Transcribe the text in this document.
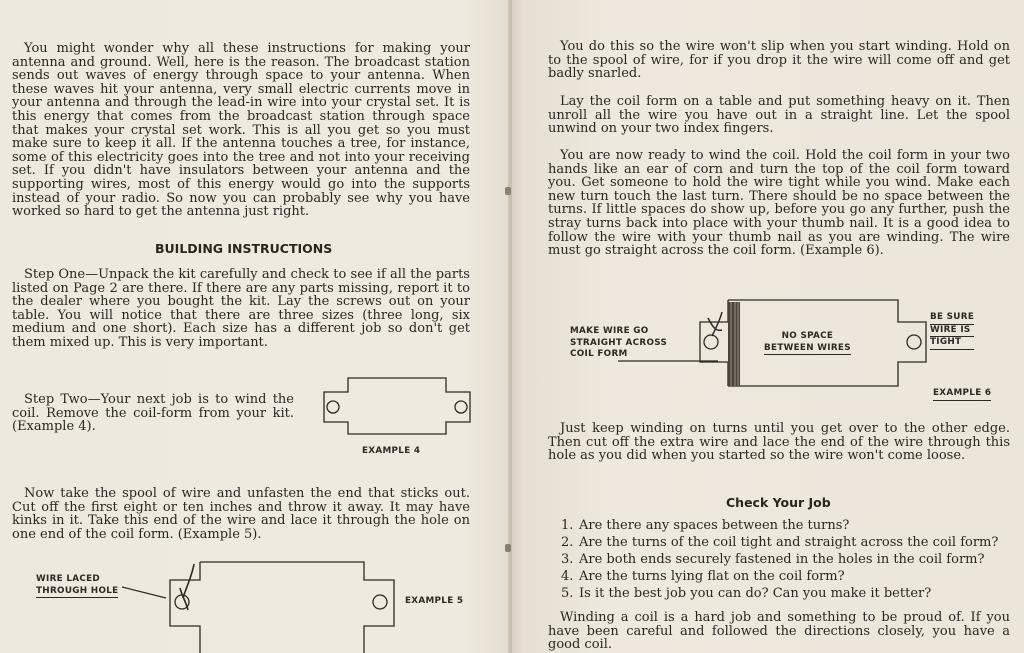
You might wonder why all these instructions for making your antenna and ground. Well, here is the reason. The broadcast station sends out waves of energy through space to your antenna. When these waves hit your antenna, very small electric currents move in your antenna and through the lead-in wire into your crystal set. It is this energy that comes from the broadcast station through space that makes your crystal set work. This is all you get so you must make sure to keep it all. If the antenna touches a tree, for instance, some of this electricity goes into the tree and not into your receiving set. If you didn't have insulators between your antenna and the supporting wires, most of this energy would go into the supports instead of your radio. So now you can probably see why you have worked so hard to get the antenna just right.

BUILDING INSTRUCTIONS

Step One—Unpack the kit carefully and check to see if all the parts listed on Page 2 are there. If there are any parts missing, report it to the dealer where you bought the kit. Lay the screws out on your table. You will notice that there are three sizes (three long, six medium and one short). Each size has a different job so don't get them mixed up. This is very important.

Step Two—Your next job is to wind the coil. Remove the coil-form from your kit. (Example 4).

EXAMPLE 4

Now take the spool of wire and unfasten the end that sticks out. Cut off the first eight or ten inches and throw it away. It may have kinks in it. Take this end of the wire and lace it through the hole on one end of the coil form. (Example 5).

WIRE LACED

THROUGH HOLE
EXAMPLE 5

You do this so the wire won't slip when you start winding. Hold on to the spool of wire, for if you drop it the wire will come off and get badly snarled.

Lay the coil form on a table and put something heavy on it. Then unroll all the wire you have out in a straight line. Let the spool unwind on your two index fingers.

You are now ready to wind the coil. Hold the coil form in your two hands like an ear of corn and turn the top of the coil form toward you. Get someone to hold the wire tight while you wind. Make each new turn touch the last turn. There should be no space between the turns. If little spaces do show up, before you go any further, push the stray turns back into place with your thumb nail. It is a good idea to follow the wire with your thumb nail as you are winding. The wire must go straight across the coil form. (Example 6).

MAKE WIRE GO
STRAIGHT ACROSS
COIL FORM
NO SPACE

BETWEEN WIRES
BE SURE
WIRE IS
TIGHT
EXAMPLE 6

Just keep winding on turns until you get over to the other edge. Then cut off the extra wire and lace the end of the wire through this hole as you did when you started so the wire won't come loose.

Check Your Job
1. Are there any spaces between the turns?
2. Are the turns of the coil tight and straight across the coil form?
3. Are both ends securely fastened in the holes in the coil form?
4. Are the turns lying flat on the coil form?
5. Is it the best job you can do? Can you make it better?

Winding a coil is a hard job and something to be proud of. If you have been careful and followed the directions closely, you have a good coil.
